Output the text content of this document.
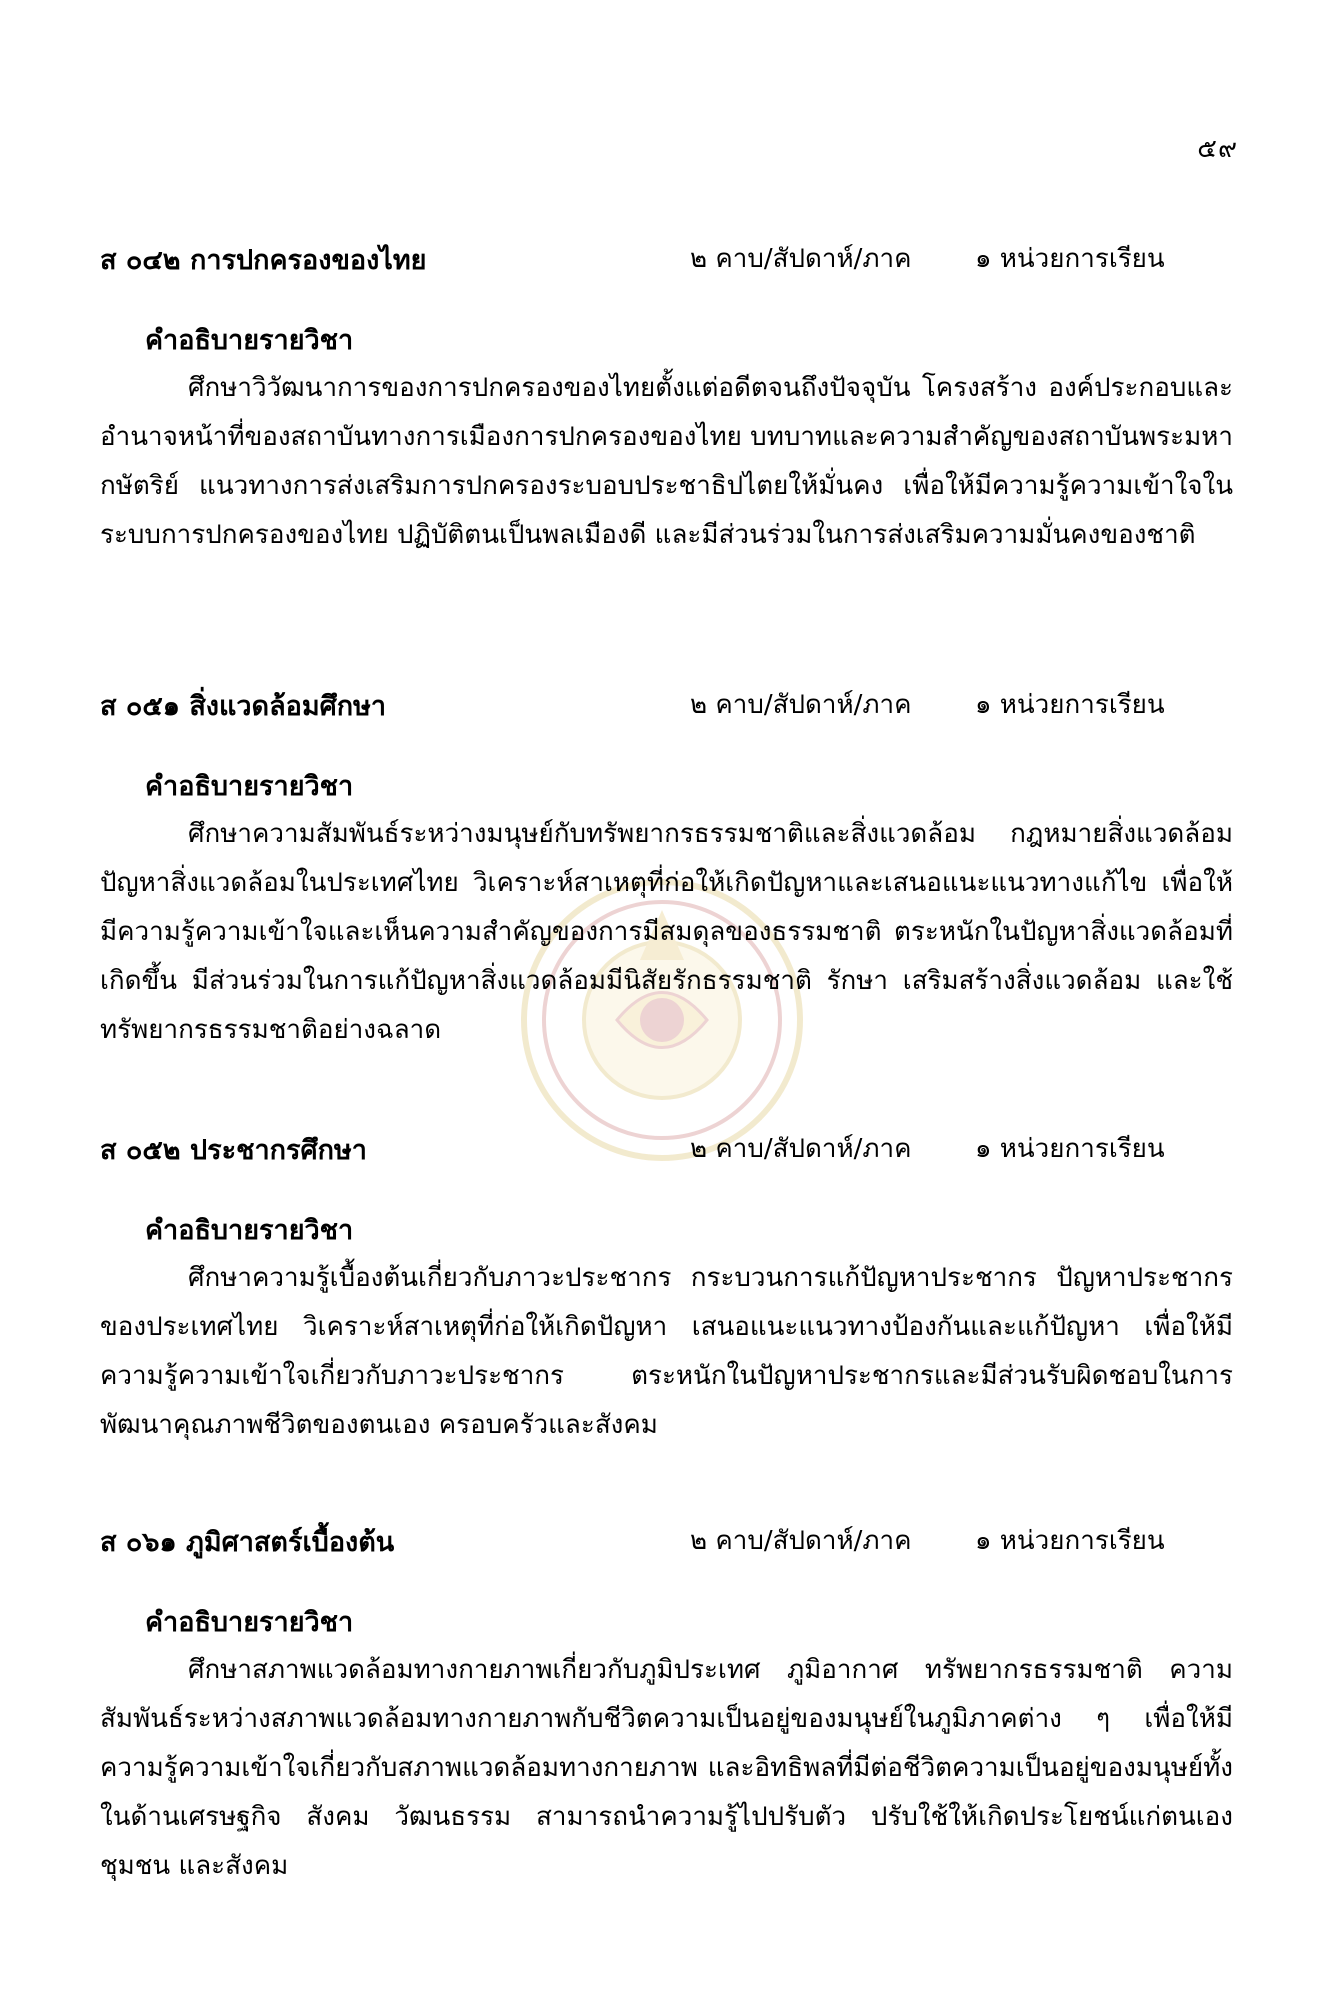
๕๙
ส ๐๔๒ การปกครองของไทย	๒ คาบ/สัปดาห์/ภาค ๑ หน่วยการเรียน
คำอธิบายรายวิชา
ศึกษาวิวัฒนาการของการปกครองของไทยตั้งแต่อดีตจนถึงปัจจุบัน โครงสร้าง องค์ประกอบและอำนาจหน้าที่ของสถาบันทางการเมืองการปกครองของไทย บทบาทและความสำคัญของสถาบันพระมหากษัตริย์ แนวทางการส่งเสริมการปกครองระบอบประชาธิปไตยให้มั่นคง เพื่อให้มีความรู้ความเข้าใจในระบบการปกครองของไทย ปฏิบัติตนเป็นพลเมืองดี และมีส่วนร่วมในการส่งเสริมความมั่นคงของชาติ
ส ๐๕๑ สิ่งแวดล้อมศึกษา	๒ คาบ/สัปดาห์/ภาค ๑ หน่วยการเรียน
คำอธิบายรายวิชา
ศึกษาความสัมพันธ์ระหว่างมนุษย์กับทรัพยากรธรรมชาติและสิ่งแวดล้อม กฎหมายสิ่งแวดล้อม ปัญหาสิ่งแวดล้อมในประเทศไทย วิเคราะห์สาเหตุที่ก่อให้เกิดปัญหาและเสนอแนะแนวทางแก้ไข เพื่อให้มีความรู้ความเข้าใจและเห็นความสำคัญของการมีสมดุลของธรรมชาติ ตระหนักในปัญหาสิ่งแวดล้อมที่เกิดขึ้น มีส่วนร่วมในการแก้ปัญหาสิ่งแวดล้อมมีนิสัยรักธรรมชาติ รักษา เสริมสร้างสิ่งแวดล้อม และใช้ทรัพยากรธรรมชาติอย่างฉลาด
ส ๐๕๒ ประชากรศึกษา	๒ คาบ/สัปดาห์/ภาค ๑ หน่วยการเรียน
คำอธิบายรายวิชา
ศึกษาความรู้เบื้องต้นเกี่ยวกับภาวะประชากร กระบวนการแก้ปัญหาประชากร ปัญหาประชากรของประเทศไทย วิเคราะห์สาเหตุที่ก่อให้เกิดปัญหา เสนอแนะแนวทางป้องกันและแก้ปัญหา เพื่อให้มีความรู้ความเข้าใจเกี่ยวกับภาวะประชากร ตระหนักในปัญหาประชากรและมีส่วนรับผิดชอบในการพัฒนาคุณภาพชีวิตของตนเอง ครอบครัวและสังคม
ส ๐๖๑ ภูมิศาสตร์เบื้องต้น	๒ คาบ/สัปดาห์/ภาค ๑ หน่วยการเรียน
คำอธิบายรายวิชา
ศึกษาสภาพแวดล้อมทางกายภาพเกี่ยวกับภูมิประเทศ ภูมิอากาศ ทรัพยากรธรรมชาติ ความสัมพันธ์ระหว่างสภาพแวดล้อมทางกายภาพกับชีวิตความเป็นอยู่ของมนุษย์ในภูมิภาคต่าง ๆ เพื่อให้มีความรู้ความเข้าใจเกี่ยวกับสภาพแวดล้อมทางกายภาพ และอิทธิพลที่มีต่อชีวิตความเป็นอยู่ของมนุษย์ทั้งในด้านเศรษฐกิจ สังคม วัฒนธรรม สามารถนำความรู้ไปปรับตัว ปรับใช้ให้เกิดประโยชน์แก่ตนเอง ชุมชน และสังคม
